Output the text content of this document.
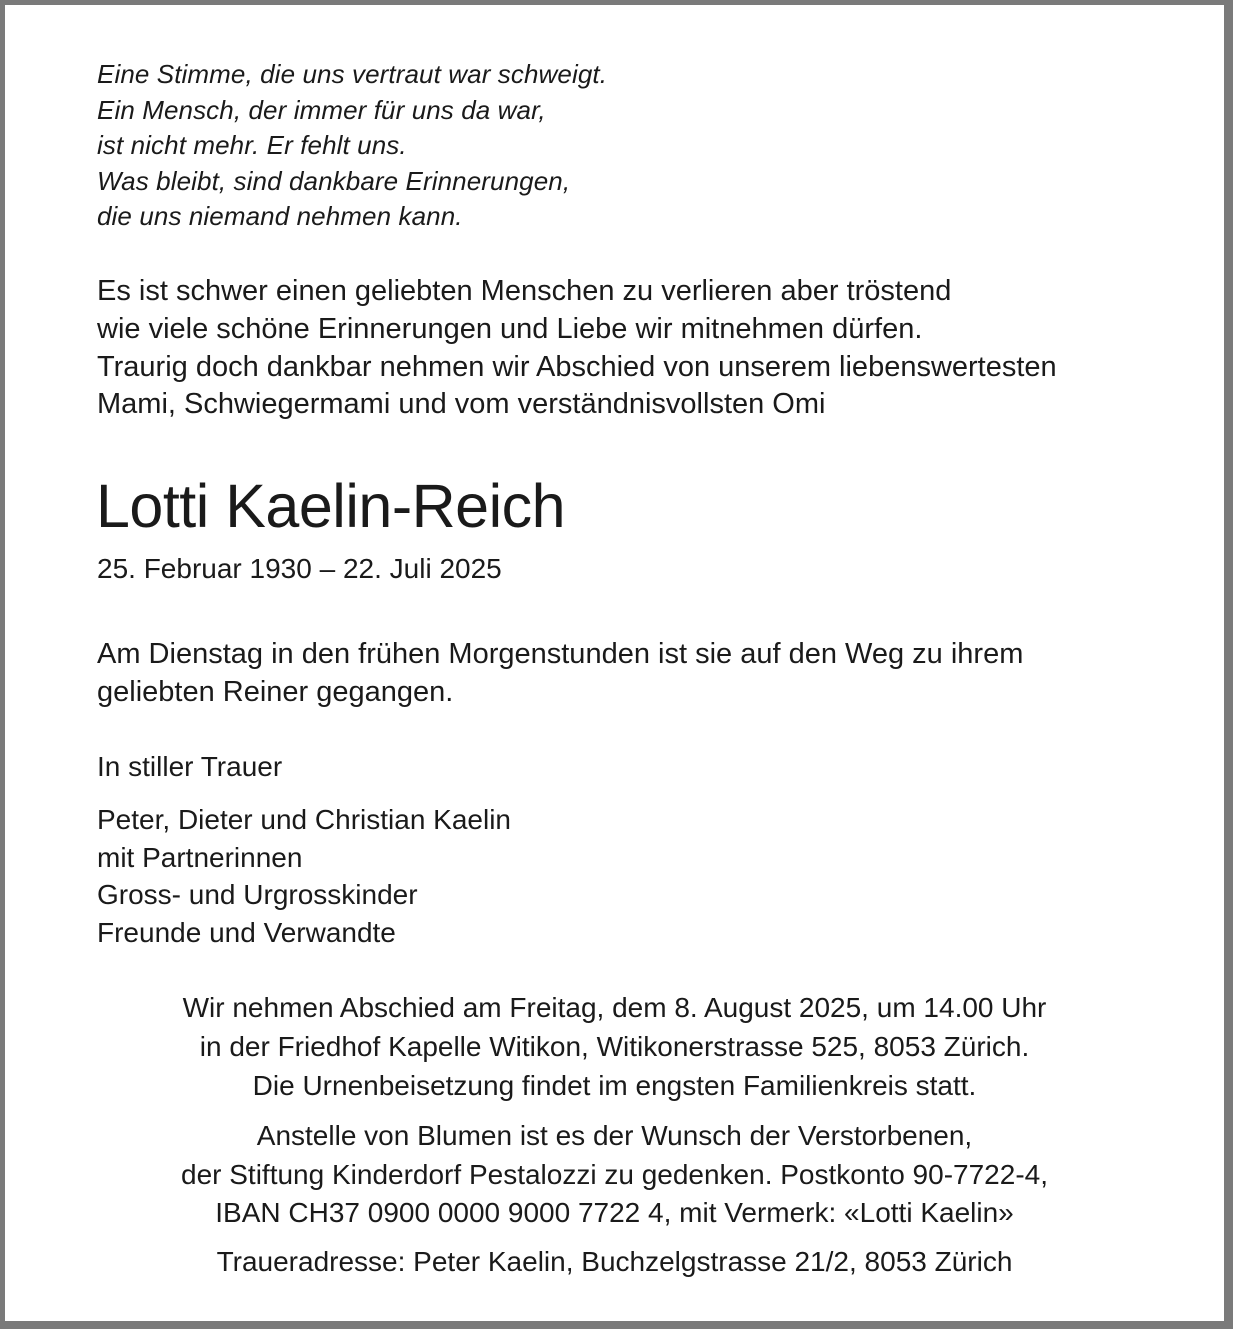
Eine Stimme, die uns vertraut war schweigt.
Ein Mensch, der immer für uns da war,
ist nicht mehr. Er fehlt uns.
Was bleibt, sind dankbare Erinnerungen,
die uns niemand nehmen kann.
Es ist schwer einen geliebten Menschen zu verlieren aber tröstend
wie viele schöne Erinnerungen und Liebe wir mitnehmen dürfen.
Traurig doch dankbar nehmen wir Abschied von unserem liebenswertesten
Mami, Schwiegermami und vom verständnisvollsten Omi
Lotti Kaelin-Reich
25. Februar 1930 – 22. Juli 2025
Am Dienstag in den frühen Morgenstunden ist sie auf den Weg zu ihrem
geliebten Reiner gegangen.
In stiller Trauer
Peter, Dieter und Christian Kaelin
mit Partnerinnen
Gross- und Urgrosskinder
Freunde und Verwandte
Wir nehmen Abschied am Freitag, dem 8. August 2025, um 14.00 Uhr
in der Friedhof Kapelle Witikon, Witikonerstrasse 525, 8053 Zürich.
Die Urnenbeisetzung findet im engsten Familienkreis statt.
Anstelle von Blumen ist es der Wunsch der Verstorbenen,
der Stiftung Kinderdorf Pestalozzi zu gedenken. Postkonto 90-7722-4,
IBAN CH37 0900 0000 9000 7722 4, mit Vermerk: «Lotti Kaelin»
Traueradresse: Peter Kaelin, Buchzelgstrasse 21/2, 8053 Zürich
